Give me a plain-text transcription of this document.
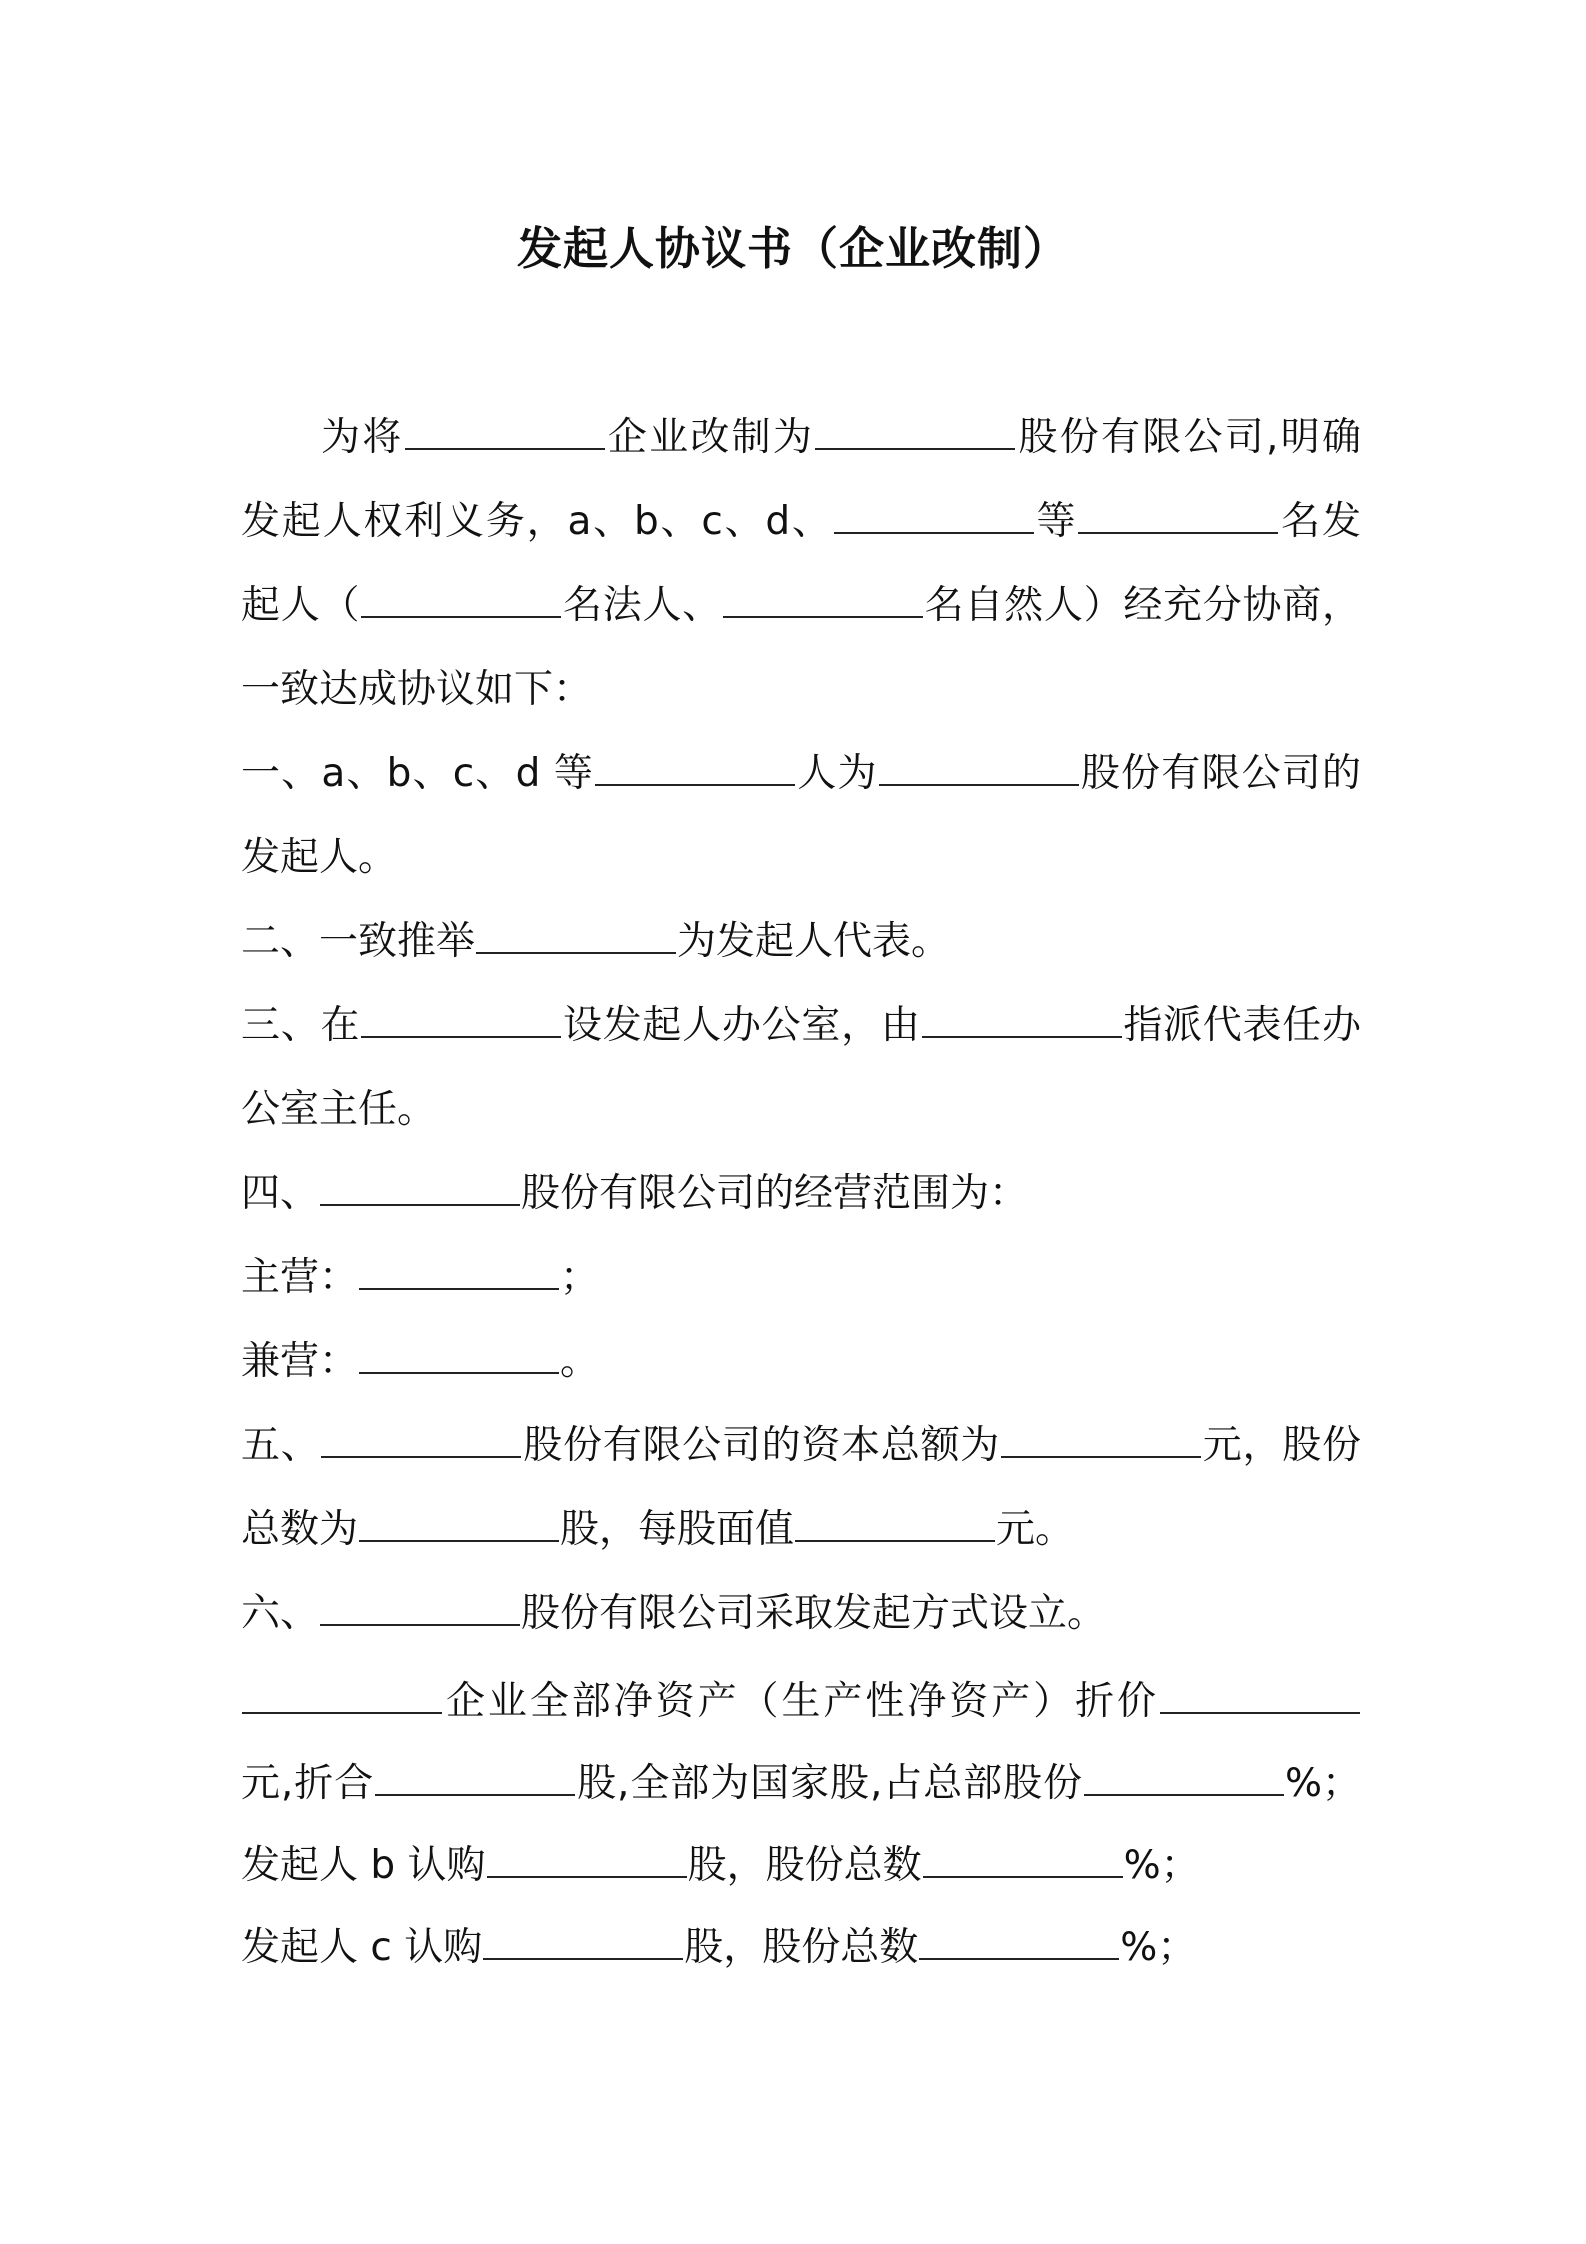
发起人协议书（企业改制）
为将	企业改制为	股份有限公司,明确
发起人权利义务，a、b、c、d、	等	名发
起人（	名法人、	名自然人）经充分协商，
一致达成协议如下：
一、a、b、c、d 等	人为	股份有限公司的
发起人。
二、一致推举	为发起人代表。
三、在	设发起人办公室，由	指派代表任办
公室主任。
四、	股份有限公司的经营范围为：
主营：	；
兼营：	。
五、	股份有限公司的资本总额为	元，股份
总数为	股，每股面值	元。
六、	股份有限公司采取发起方式设立。
企业全部净资产（生产性净资产）折价
元,折合	股,全部为国家股,占总部股份	%；
发起人 b 认购	股，股份总数	%；
发起人 c 认购	股，股份总数	%；
